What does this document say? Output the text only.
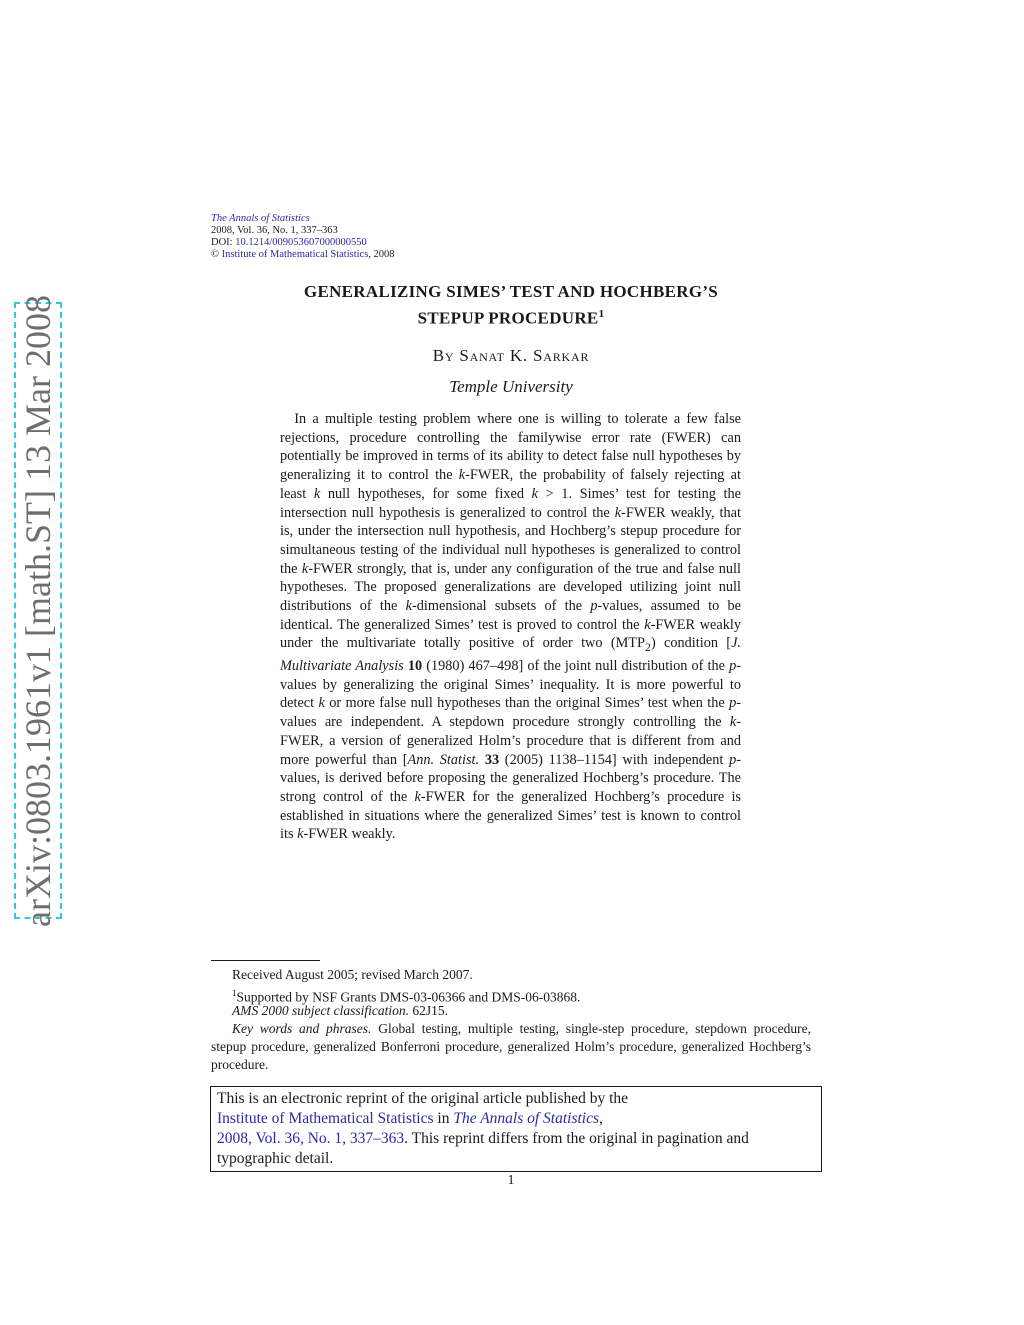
arXiv:0803.1961v1 [math.ST] 13 Mar 2008
The Annals of Statistics
2008, Vol. 36, No. 1, 337–363
DOI: 10.1214/009053607000000550
© Institute of Mathematical Statistics, 2008
GENERALIZING SIMES’ TEST AND HOCHBERG’S
STEPUP PROCEDURE$^1$
By Sanat K. Sarkar
Temple University

 In a multiple testing problem where one is willing to tolerate a few false rejections, procedure controlling the familywise error rate (FWER) can potentially be improved in terms of its ability to detect false null hypotheses by generalizing it to control the k-FWER, the probability of falsely rejecting at least k null hypotheses, for some fixed k > 1. Simes’ test for testing the intersection null hypothesis is generalized to control the k-FWER weakly, that is, under the intersection null hypothesis, and Hochberg’s stepup procedure for simultaneous testing of the individual null hypotheses is generalized to control the k-FWER strongly, that is, under any configuration of the true and false null hypotheses. The proposed generalizations are developed utilizing joint null distributions of the k-dimensional subsets of the p-values, assumed to be identical. The generalized Simes’ test is proved to control the k-FWER weakly under the multivariate totally positive of order two $(MTP_2)$ condition [J. Multivariate Analysis 10 (1980) 467–498] of the joint null distribution of the p-values by generalizing the original Simes’ inequality. It is more powerful to detect k or more false null hypotheses than the original Simes’ test when the p-values are independent. A stepdown procedure strongly controlling the k-FWER, a version of generalized Holm’s procedure that is different from and more powerful than [Ann. Statist. 33 (2005) 1138–1154] with independent p-values, is derived before proposing the generalized Hochberg’s procedure. The strong control of the k-FWER for the generalized Hochberg’s procedure is established in situations where the generalized Simes’ test is known to control its k-FWER weakly.

Received August 2005; revised March 2007.
$^1$Supported by NSF Grants DMS-03-06366 and DMS-06-03868.
AMS 2000 subject classification. 62J15.
Key words and phrases. Global testing, multiple testing, single-step procedure, stepdown procedure, stepup procedure, generalized Bonferroni procedure, generalized Holm’s procedure, generalized Hochberg’s procedure.
This is an electronic reprint of the original article published by the
Institute of Mathematical Statistics in The Annals of Statistics,
2008, Vol. 36, No. 1, 337–363. This reprint differs from the original in pagination and typographic detail.
1
